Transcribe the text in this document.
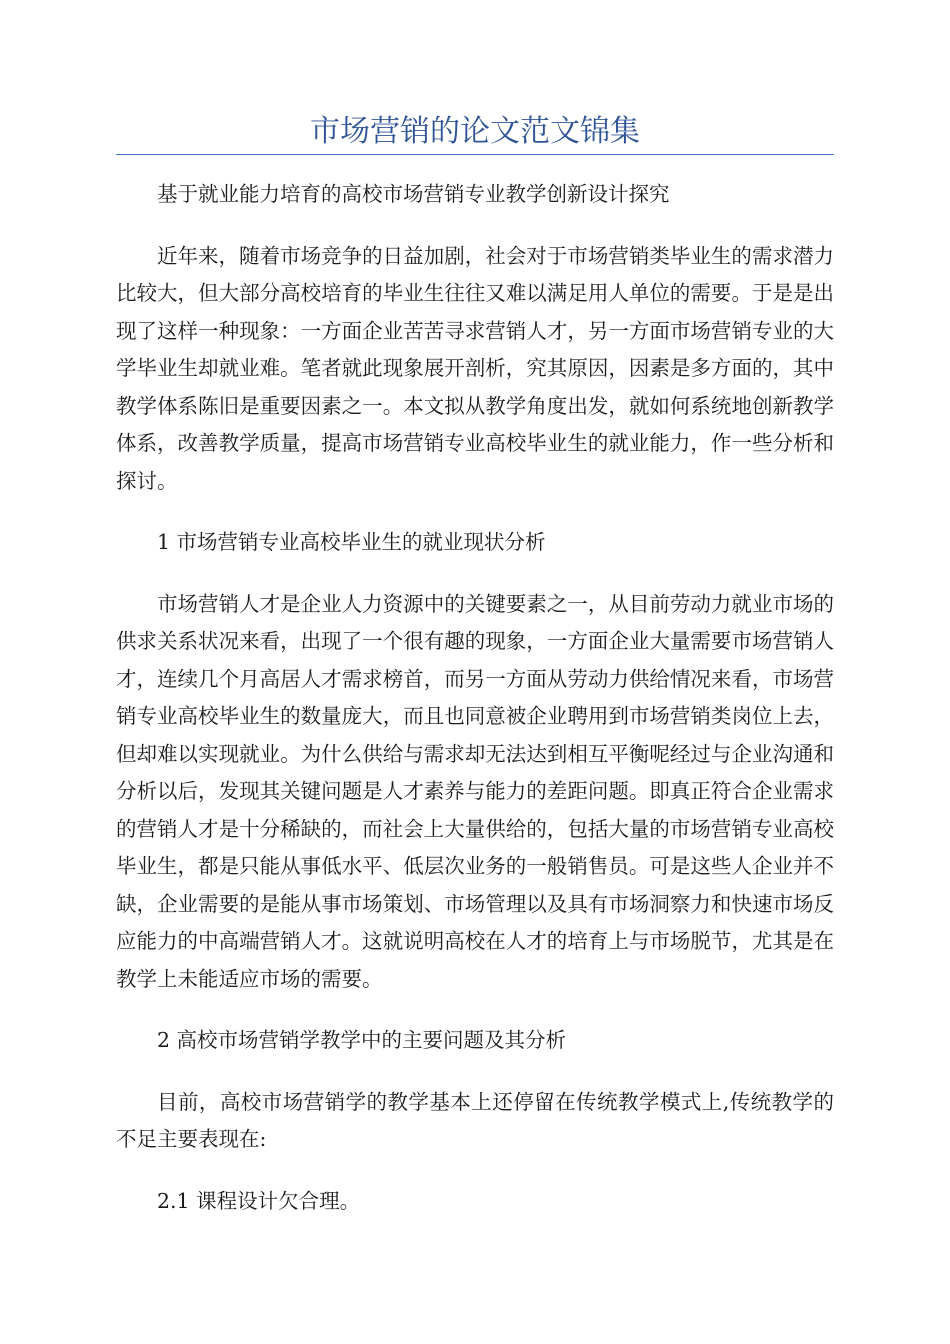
市场营销的论文范文锦集

基于就业能力培育的高校市场营销专业教学创新设计探究

近年来，随着市场竞争的日益加剧，社会对于市场营销类毕业生的需求潜力比较大，但大部分高校培育的毕业生往往又难以满足用人单位的需要。于是是出现了这样一种现象：一方面企业苦苦寻求营销人才，另一方面市场营销专业的大学毕业生却就业难。笔者就此现象展开剖析，究其原因，因素是多方面的，其中教学体系陈旧是重要因素之一。本文拟从教学角度出发，就如何系统地创新教学体系，改善教学质量，提高市场营销专业高校毕业生的就业能力，作一些分析和探讨。

1 市场营销专业高校毕业生的就业现状分析

市场营销人才是企业人力资源中的关键要素之一，从目前劳动力就业市场的供求关系状况来看，出现了一个很有趣的现象，一方面企业大量需要市场营销人才，连续几个月高居人才需求榜首，而另一方面从劳动力供给情况来看，市场营销专业高校毕业生的数量庞大，而且也同意被企业聘用到市场营销类岗位上去，但却难以实现就业。为什么供给与需求却无法达到相互平衡呢经过与企业沟通和分析以后，发现其关键问题是人才素养与能力的差距问题。即真正符合企业需求的营销人才是十分稀缺的，而社会上大量供给的，包括大量的市场营销专业高校毕业生，都是只能从事低水平、低层次业务的一般销售员。可是这些人企业并不缺，企业需要的是能从事市场策划、市场管理以及具有市场洞察力和快速市场反应能力的中高端营销人才。这就说明高校在人才的培育上与市场脱节，尤其是在教学上未能适应市场的需要。

2 高校市场营销学教学中的主要问题及其分析

目前，高校市场营销学的教学基本上还停留在传统教学模式上,传统教学的不足主要表现在:

2.1 课程设计欠合理。
